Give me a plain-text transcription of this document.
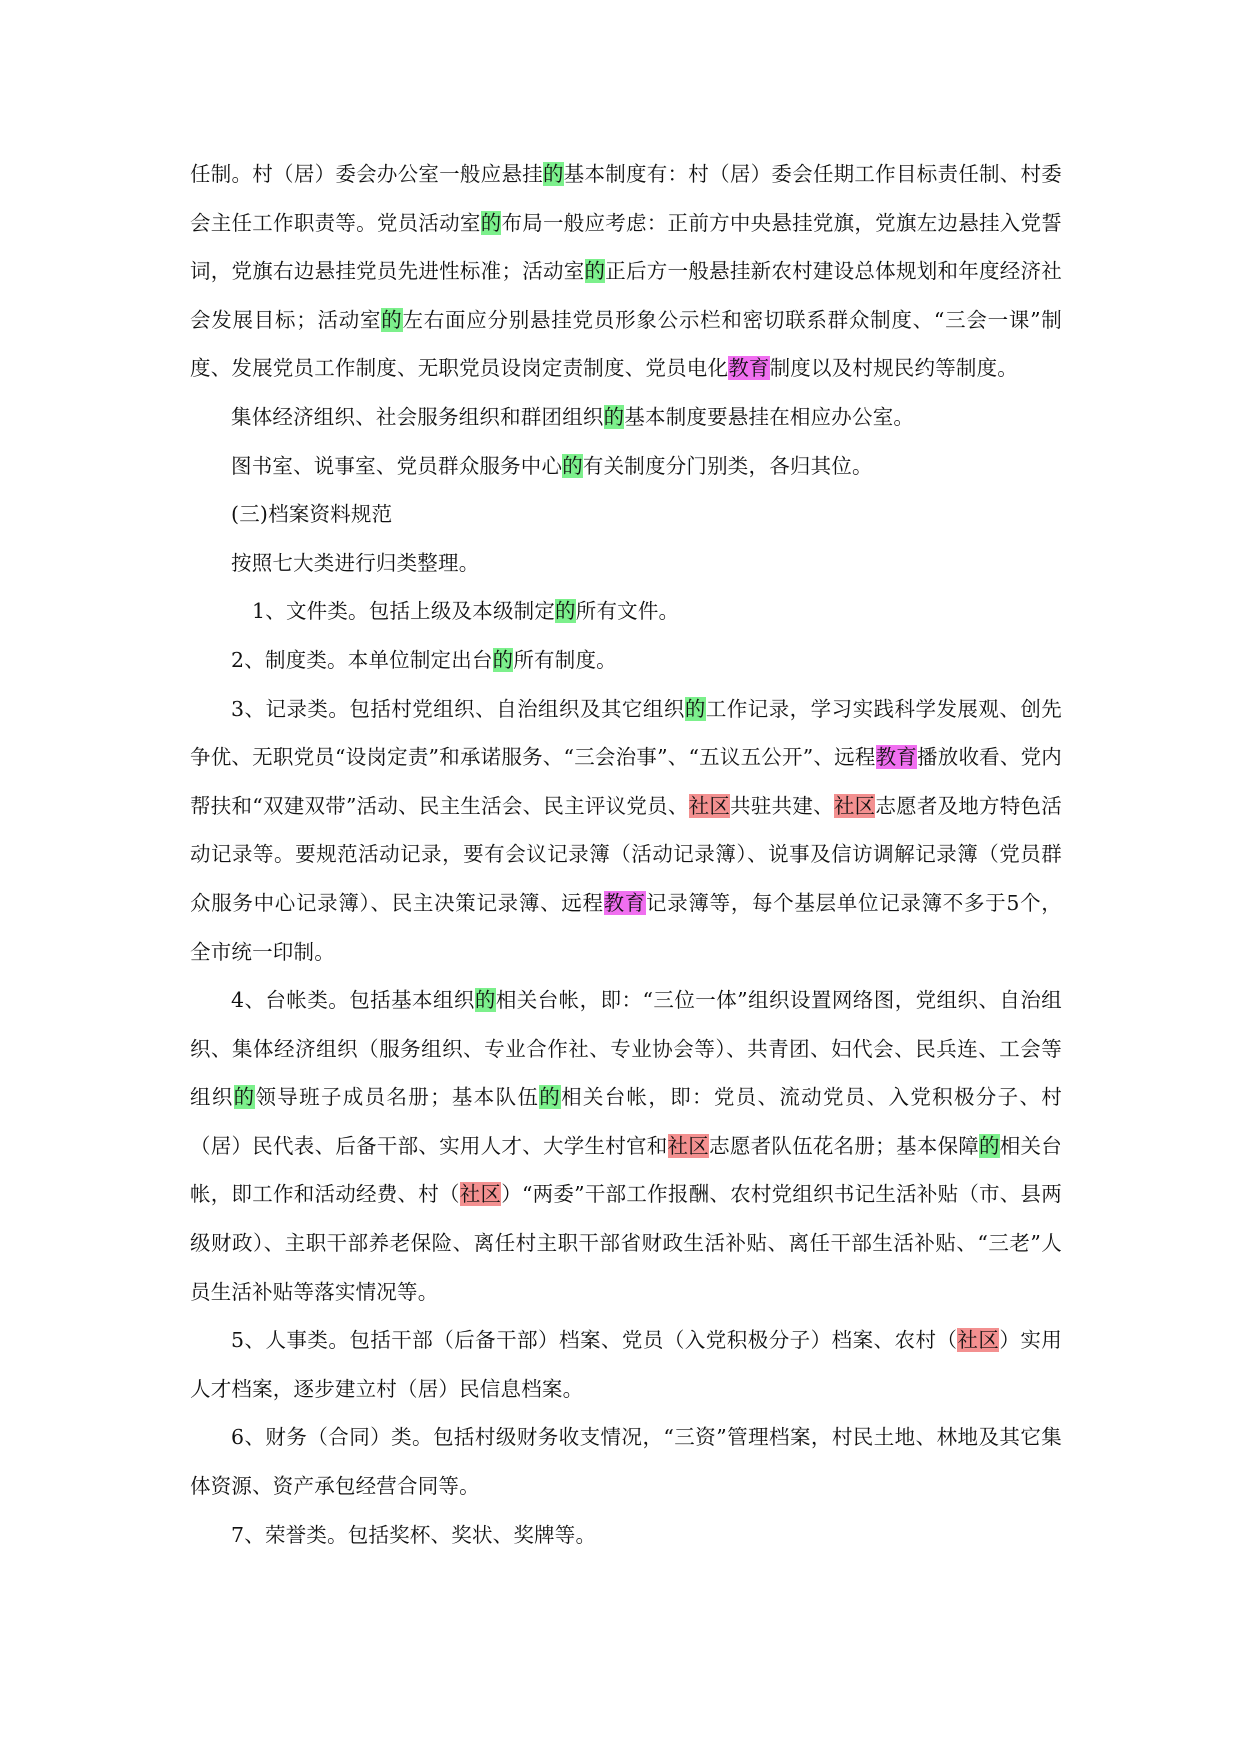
任制。村（居）委会办公室一般应悬挂的基本制度有：村（居）委会任期工作目标责任制、村委会主任工作职责等。党员活动室的布局一般应考虑：正前方中央悬挂党旗，党旗左边悬挂入党誓词，党旗右边悬挂党员先进性标准；活动室的正后方一般悬挂新农村建设总体规划和年度经济社会发展目标；活动室的左右面应分别悬挂党员形象公示栏和密切联系群众制度、“三会一课”制度、发展党员工作制度、无职党员设岗定责制度、党员电化教育制度以及村规民约等制度。

集体经济组织、社会服务组织和群团组织的基本制度要悬挂在相应办公室。

图书室、说事室、党员群众服务中心的有关制度分门别类，各归其位。

(三)档案资料规范

按照七大类进行归类整理。

1、文件类。包括上级及本级制定的所有文件。

2、制度类。本单位制定出台的所有制度。

3、记录类。包括村党组织、自治组织及其它组织的工作记录，学习实践科学发展观、创先争优、无职党员“设岗定责”和承诺服务、“三会治事”、“五议五公开”、远程教育播放收看、党内帮扶和“双建双带”活动、民主生活会、民主评议党员、社区共驻共建、社区志愿者及地方特色活动记录等。要规范活动记录，要有会议记录簿（活动记录簿）、说事及信访调解记录簿（党员群众服务中心记录簿）、民主决策记录簿、远程教育记录簿等，每个基层单位记录簿不多于5个，全市统一印制。

4、台帐类。包括基本组织的相关台帐，即：“三位一体”组织设置网络图，党组织、自治组织、集体经济组织（服务组织、专业合作社、专业协会等）、共青团、妇代会、民兵连、工会等组织的领导班子成员名册；基本队伍的相关台帐，即：党员、流动党员、入党积极分子、村（居）民代表、后备干部、实用人才、大学生村官和社区志愿者队伍花名册；基本保障的相关台帐，即工作和活动经费、村（社区）“两委”干部工作报酬、农村党组织书记生活补贴（市、县两级财政）、主职干部养老保险、离任村主职干部省财政生活补贴、离任干部生活补贴、“三老”人员生活补贴等落实情况等。

5、人事类。包括干部（后备干部）档案、党员（入党积极分子）档案、农村（社区）实用人才档案，逐步建立村（居）民信息档案。

6、财务（合同）类。包括村级财务收支情况，“三资”管理档案，村民土地、林地及其它集体资源、资产承包经营合同等。

7、荣誉类。包括奖杯、奖状、奖牌等。
